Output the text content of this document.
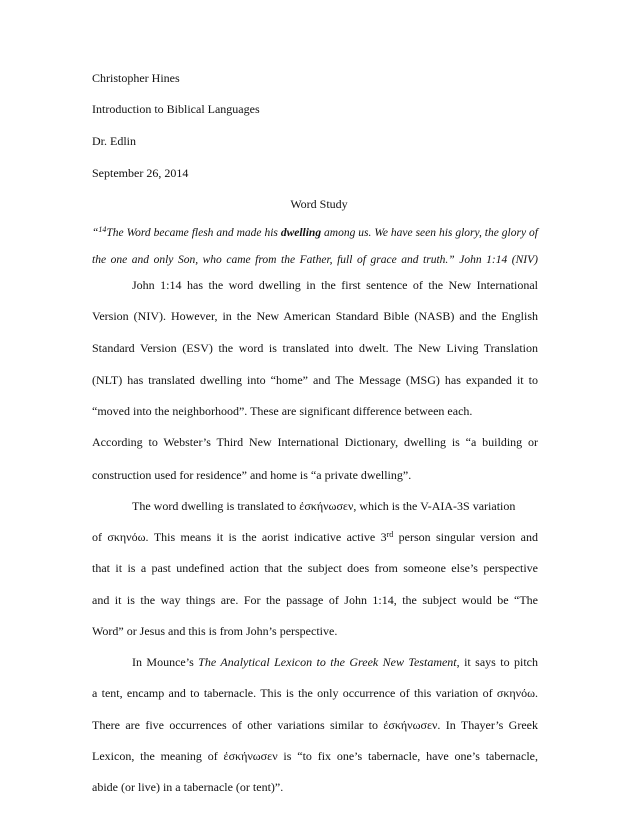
Christopher Hines
Introduction to Biblical Languages
Dr. Edlin
September 26, 2014
Word Study
“$^{14}$The Word became flesh and made his dwelling among us. We have seen his glory, the glory of
the one and only Son, who came from the Father, full of grace and truth.” John 1:14 (NIV)
John 1:14 has the word dwelling in the first sentence of the New International
Version (NIV). However, in the New American Standard Bible (NASB) and the English
Standard Version (ESV) the word is translated into dwelt. The New Living Translation
(NLT) has translated dwelling into “home” and The Message (MSG) has expanded it to
“moved into the neighborhood”. These are significant difference between each.
According to Webster’s Third New International Dictionary, dwelling is “a building or
construction used for residence” and home is “a private dwelling”.
The word dwelling is translated to ἐσκήνωσεν, which is the V-AIA-3S variation
of σκηνόω. This means it is the aorist indicative active 3rd person singular version and
that it is a past undefined action that the subject does from someone else’s perspective
and it is the way things are. For the passage of John 1:14, the subject would be “The
Word” or Jesus and this is from John’s perspective.
In Mounce’s The Analytical Lexicon to the Greek New Testament, it says to pitch
a tent, encamp and to tabernacle. This is the only occurrence of this variation of σκηνόω.
There are five occurrences of other variations similar to ἐσκήνωσεν. In Thayer’s Greek
Lexicon, the meaning of ἐσκήνωσεν is “to fix one’s tabernacle, have one’s tabernacle,
abide (or live) in a tabernacle (or tent)”.
